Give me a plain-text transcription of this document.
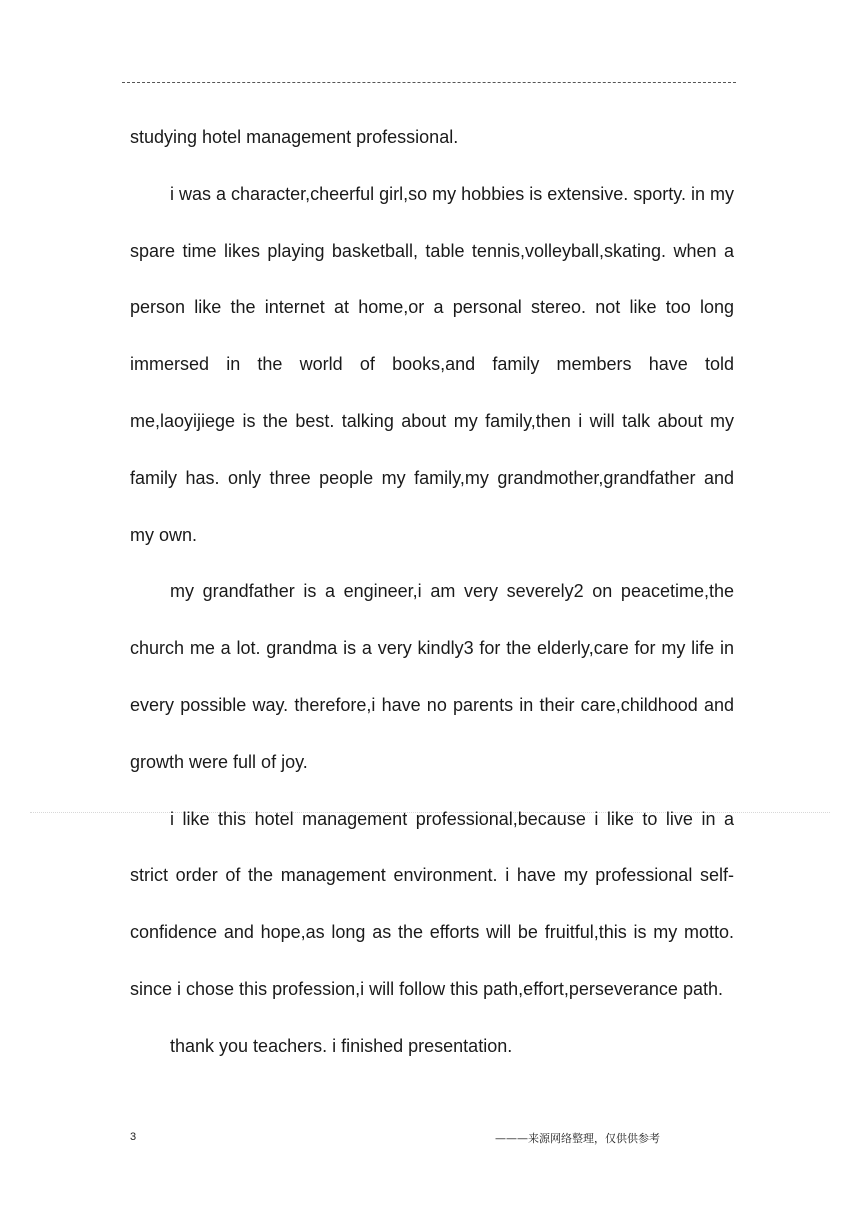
studying hotel management professional.

i was a character,cheerful girl,so my hobbies is extensive. sporty. in my spare time likes playing basketball, table tennis,volleyball,skating. when a person like the internet at home,or a personal stereo. not like too long immersed in the world of books,and family members have told me,laoyijiege is the best. talking about my family,then i will talk about my family has. only three people my family,my grandmother,grandfather and my own.

my grandfather is a engineer,i am very severely2 on peacetime,the church me a lot. grandma is a very kindly3 for the elderly,care for my life in every possible way. therefore,i have no parents in their care,childhood and growth were full of joy.

i like this hotel management professional,because i like to live in a strict order of the management environment. i have my professional self-confidence and hope,as long as the efforts will be fruitful,this is my motto. since i chose this profession,i will follow this path,effort,perseverance path.

thank you teachers. i finished presentation.

3	———来源网络整理，仅供供参考
